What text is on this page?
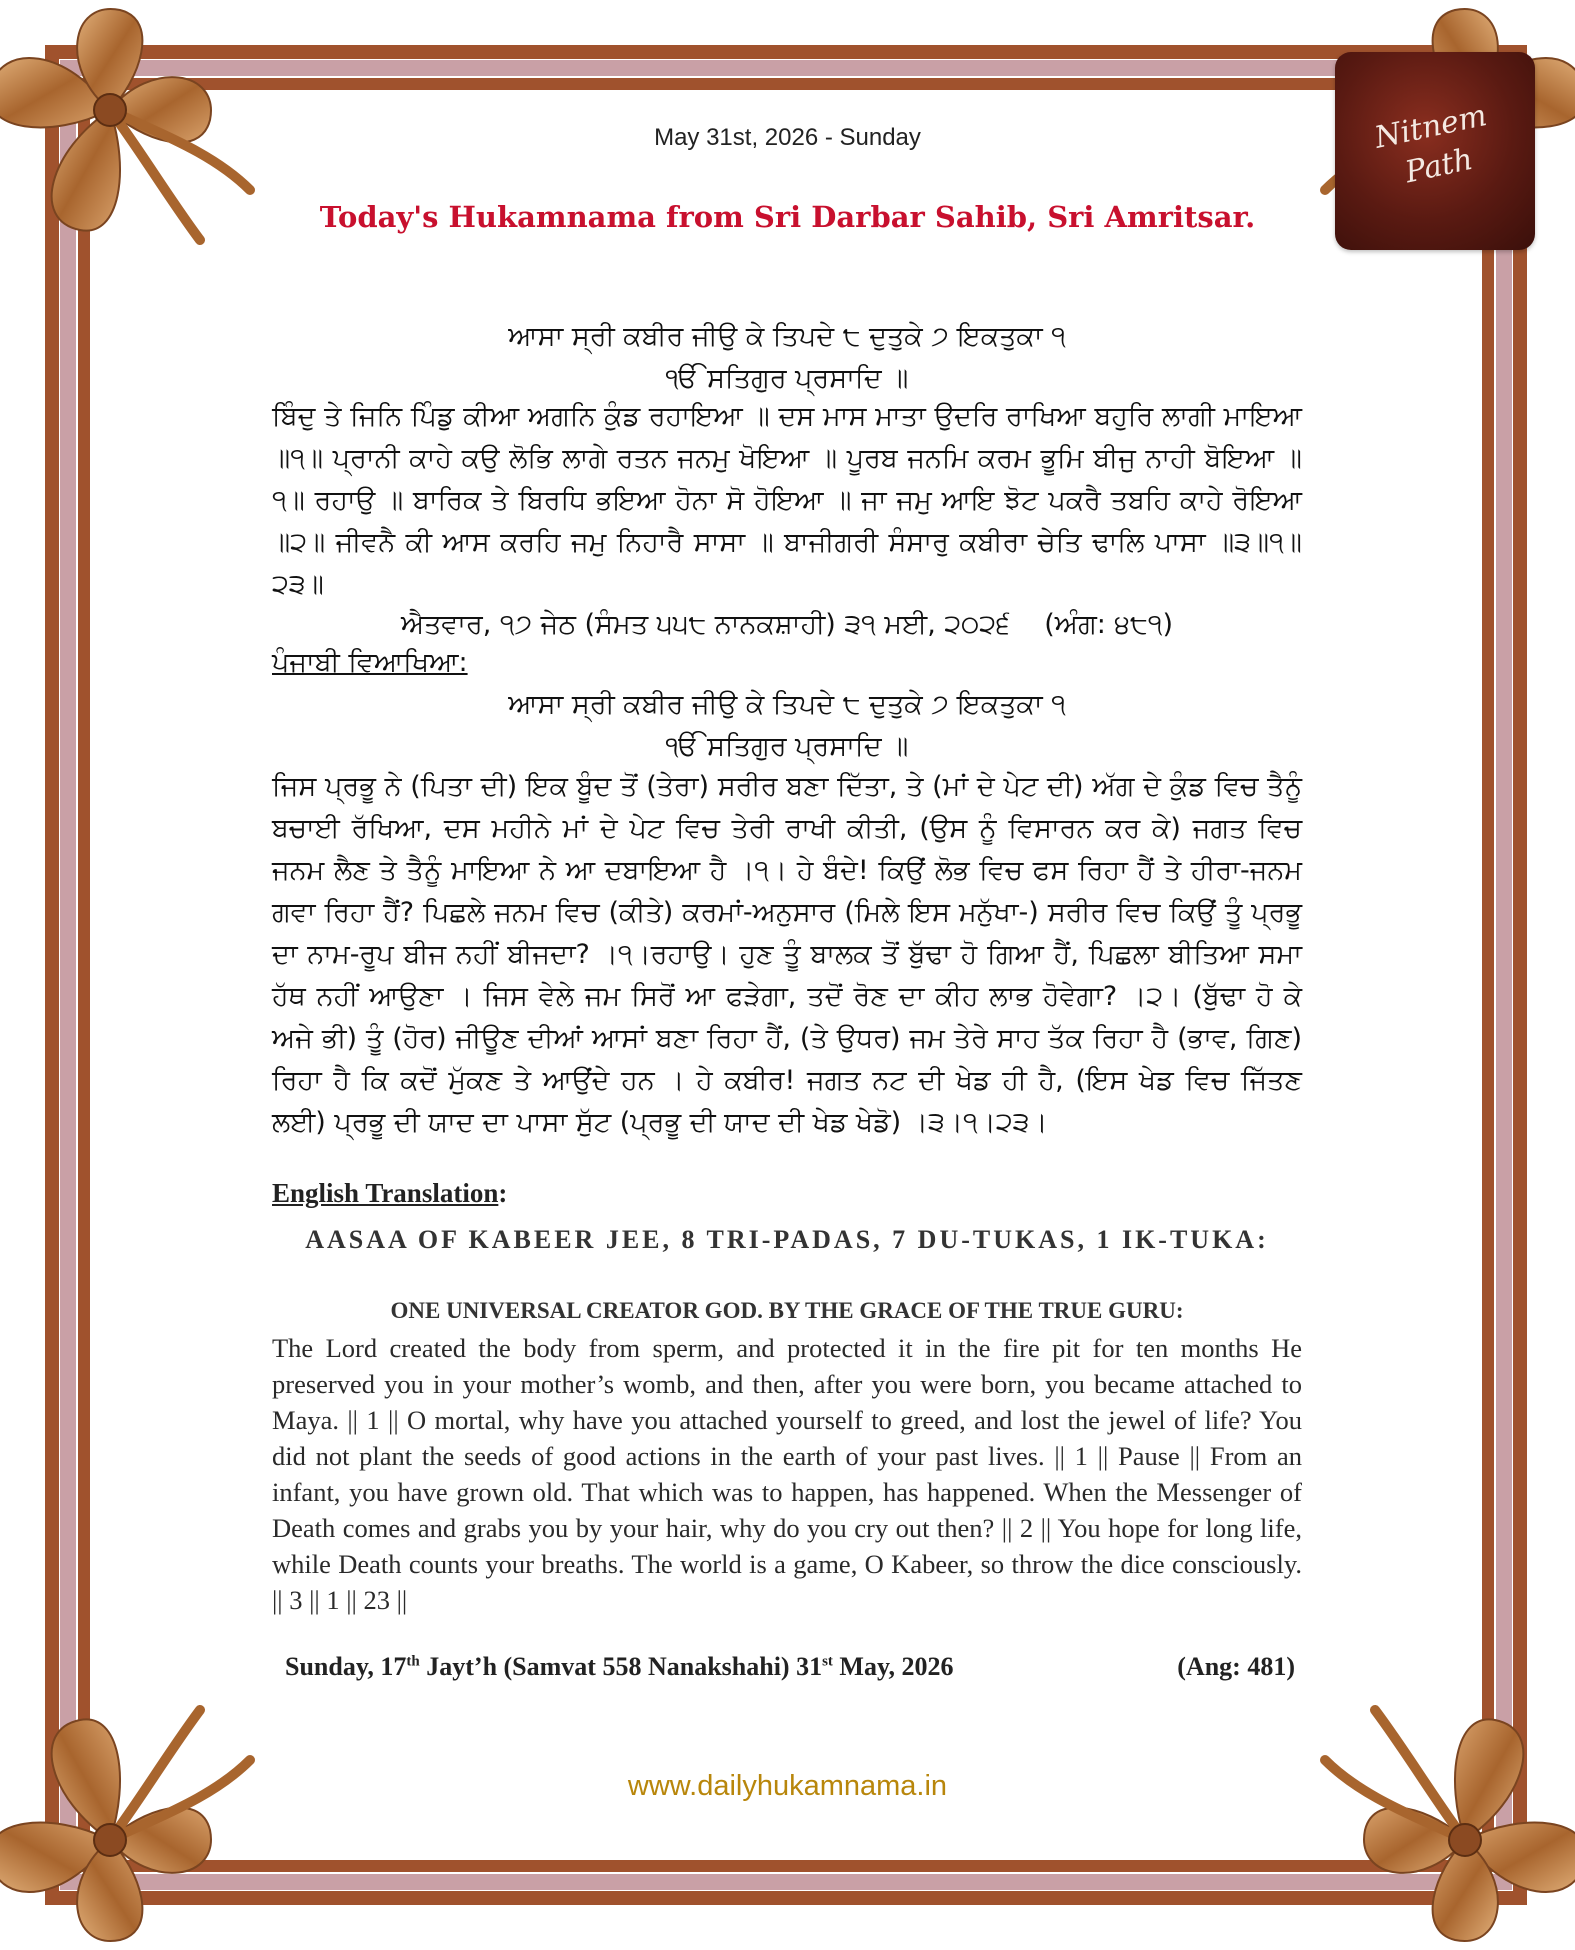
Nitnem
Path
May 31st, 2026 - Sunday
Today's Hukamnama from Sri Darbar Sahib, Sri Amritsar.
ਆਸਾ ਸ੍ਰੀ ਕਬੀਰ ਜੀਉ ਕੇ ਤਿਪਦੇ ੮ ਦੁਤੁਕੇ ੭ ਇਕਤੁਕਾ ੧
ੴ ਸਤਿਗੁਰ ਪ੍ਰਸਾਦਿ ॥
ਬਿੰਦੁ ਤੇ ਜਿਨਿ ਪਿੰਡੁ ਕੀਆ ਅਗਨਿ ਕੁੰਡ ਰਹਾਇਆ ॥ ਦਸ ਮਾਸ ਮਾਤਾ ਉਦਰਿ ਰਾਖਿਆ ਬਹੁਰਿ ਲਾਗੀ ਮਾਇਆ ॥੧॥ ਪ੍ਰਾਨੀ ਕਾਹੇ ਕਉ ਲੋਭਿ ਲਾਗੇ ਰਤਨ ਜਨਮੁ ਖੋਇਆ ॥ ਪੂਰਬ ਜਨਮਿ ਕਰਮ ਭੂਮਿ ਬੀਜੁ ਨਾਹੀ ਬੋਇਆ ॥੧॥ ਰਹਾਉ ॥ ਬਾਰਿਕ ਤੇ ਬਿਰਧਿ ਭਇਆ ਹੋਨਾ ਸੋ ਹੋਇਆ ॥ ਜਾ ਜਮੁ ਆਇ ਝੋਟ ਪਕਰੈ ਤਬਹਿ ਕਾਹੇ ਰੋਇਆ ॥੨॥ ਜੀਵਨੈ ਕੀ ਆਸ ਕਰਹਿ ਜਮੁ ਨਿਹਾਰੈ ਸਾਸਾ ॥ ਬਾਜੀਗਰੀ ਸੰਸਾਰੁ ਕਬੀਰਾ ਚੇਤਿ ਢਾਲਿ ਪਾਸਾ ॥੩॥੧॥੨੩॥
ਐਤਵਾਰ, ੧੭ ਜੇਠ (ਸੰਮਤ ੫੫੮ ਨਾਨਕਸ਼ਾਹੀ) ੩੧ ਮਈ, ੨੦੨੬ (ਅੰਗ: ੪੮੧)
ਪੰਜਾਬੀ ਵਿਆਖਿਆ:
ਆਸਾ ਸ੍ਰੀ ਕਬੀਰ ਜੀਉ ਕੇ ਤਿਪਦੇ ੮ ਦੁਤੁਕੇ ੭ ਇਕਤੁਕਾ ੧
ੴ ਸਤਿਗੁਰ ਪ੍ਰਸਾਦਿ ॥
ਜਿਸ ਪ੍ਰਭੂ ਨੇ (ਪਿਤਾ ਦੀ) ਇਕ ਬੂੰਦ ਤੋਂ (ਤੇਰਾ) ਸਰੀਰ ਬਣਾ ਦਿੱਤਾ, ਤੇ (ਮਾਂ ਦੇ ਪੇਟ ਦੀ) ਅੱਗ ਦੇ ਕੁੰਡ ਵਿਚ ਤੈਨੂੰ ਬਚਾਈ ਰੱਖਿਆ, ਦਸ ਮਹੀਨੇ ਮਾਂ ਦੇ ਪੇਟ ਵਿਚ ਤੇਰੀ ਰਾਖੀ ਕੀਤੀ, (ਉਸ ਨੂੰ ਵਿਸਾਰਨ ਕਰ ਕੇ) ਜਗਤ ਵਿਚ ਜਨਮ ਲੈਣ ਤੇ ਤੈਨੂੰ ਮਾਇਆ ਨੇ ਆ ਦਬਾਇਆ ਹੈ ।੧। ਹੇ ਬੰਦੇ! ਕਿਉਂ ਲੋਭ ਵਿਚ ਫਸ ਰਿਹਾ ਹੈਂ ਤੇ ਹੀਰਾ-ਜਨਮ ਗਵਾ ਰਿਹਾ ਹੈਂ? ਪਿਛਲੇ ਜਨਮ ਵਿਚ (ਕੀਤੇ) ਕਰਮਾਂ-ਅਨੁਸਾਰ (ਮਿਲੇ ਇਸ ਮਨੁੱਖਾ-) ਸਰੀਰ ਵਿਚ ਕਿਉਂ ਤੂੰ ਪ੍ਰਭੂ ਦਾ ਨਾਮ-ਰੂਪ ਬੀਜ ਨਹੀਂ ਬੀਜਦਾ? ।੧।ਰਹਾਉ। ਹੁਣ ਤੂੰ ਬਾਲਕ ਤੋਂ ਬੁੱਢਾ ਹੋ ਗਿਆ ਹੈਂ, ਪਿਛਲਾ ਬੀਤਿਆ ਸਮਾ ਹੱਥ ਨਹੀਂ ਆਉਣਾ । ਜਿਸ ਵੇਲੇ ਜਮ ਸਿਰੋਂ ਆ ਫੜੇਗਾ, ਤਦੋਂ ਰੋਣ ਦਾ ਕੀਹ ਲਾਭ ਹੋਵੇਗਾ? ।੨। (ਬੁੱਢਾ ਹੋ ਕੇ ਅਜੇ ਭੀ) ਤੂੰ (ਹੋਰ) ਜੀਊਣ ਦੀਆਂ ਆਸਾਂ ਬਣਾ ਰਿਹਾ ਹੈਂ, (ਤੇ ਉਧਰ) ਜਮ ਤੇਰੇ ਸਾਹ ਤੱਕ ਰਿਹਾ ਹੈ (ਭਾਵ, ਗਿਣ) ਰਿਹਾ ਹੈ ਕਿ ਕਦੋਂ ਮੁੱਕਣ ਤੇ ਆਉਂਦੇ ਹਨ । ਹੇ ਕਬੀਰ! ਜਗਤ ਨਟ ਦੀ ਖੇਡ ਹੀ ਹੈ, (ਇਸ ਖੇਡ ਵਿਚ ਜਿੱਤਣ ਲਈ) ਪ੍ਰਭੂ ਦੀ ਯਾਦ ਦਾ ਪਾਸਾ ਸੁੱਟ (ਪ੍ਰਭੂ ਦੀ ਯਾਦ ਦੀ ਖੇਡ ਖੇਡੋ) ।੩।੧।੨੩।
English Translation:
AASAA OF KABEER JEE, 8 TRI-PADAS, 7 DU-TUKAS, 1 IK-TUKA:
ONE UNIVERSAL CREATOR GOD. BY THE GRACE OF THE TRUE GURU:
The Lord created the body from sperm, and protected it in the fire pit for ten months He preserved you in your mother’s womb, and then, after you were born, you became attached to Maya. || 1 || O mortal, why have you attached yourself to greed, and lost the jewel of life? You did not plant the seeds of good actions in the earth of your past lives. || 1 || Pause || From an infant, you have grown old. That which was to happen, has happened. When the Messenger of Death comes and grabs you by your hair, why do you cry out then? || 2 || You hope for long life, while Death counts your breaths. The world is a game, O Kabeer, so throw the dice consciously. || 3 || 1 || 23 ||
Sunday, 17th Jayt’h (Samvat 558 Nanakshahi) 31st May, 2026	(Ang: 481)
www.dailyhukamnama.in
